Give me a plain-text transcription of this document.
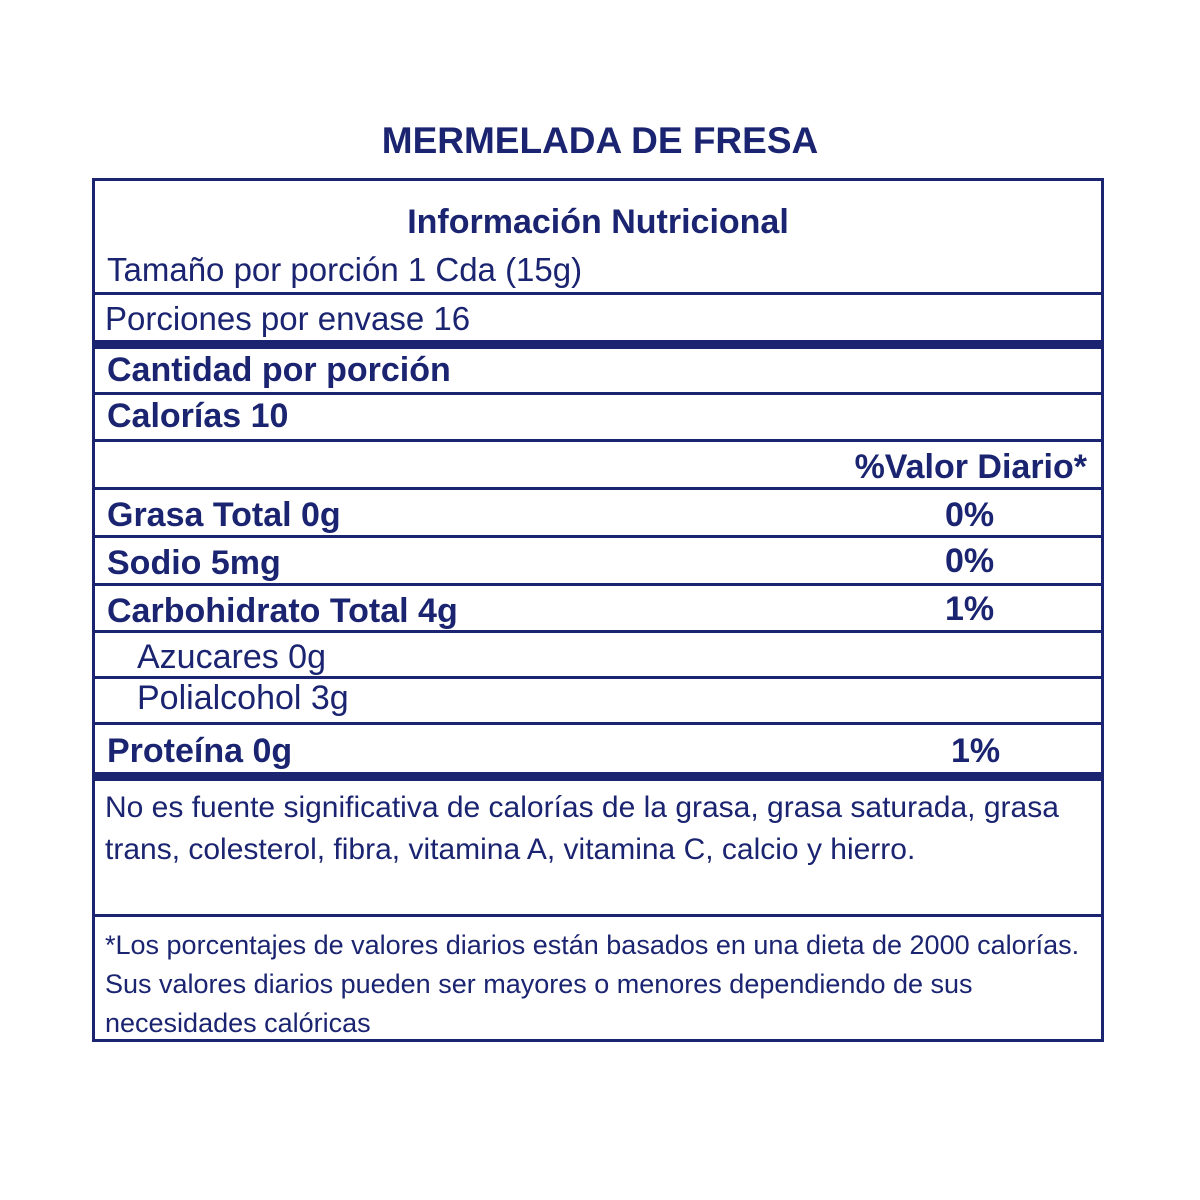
MERMELADA DE FRESA
Información Nutricional
Tamaño por porción 1 Cda (15g)
Porciones por envase 16
Cantidad por porción
Calorías 10
%Valor Diario*
Grasa Total 0g	0%
Sodio 5mg	0%
Carbohidrato Total 4g	1%
Azucares 0g
Polialcohol 3g
Proteína 0g	1%
No es fuente significativa de calorías de la grasa, grasa saturada, grasa trans, colesterol, fibra, vitamina A, vitamina C, calcio y hierro.
*Los porcentajes de valores diarios están basados en una dieta de 2000 calorías. Sus valores diarios pueden ser mayores o menores dependiendo de sus necesidades calóricas
